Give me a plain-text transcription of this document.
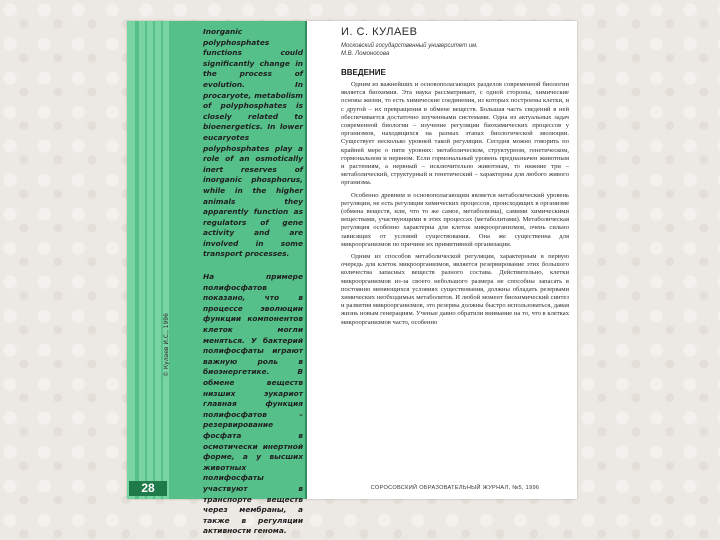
Inorganic polyphosphates functions could significantly change in the process of evolution. In procaryote, metabolism of polyphosphates is closely related to bioenergetics. In lower eucaryotes polyphosphates play a role of an osmotically inert reserves of inorganic phosphorus, while in the higher animals they apparently function as regulators of gene activity and are involved in some transport processes.

На примере полифосфатов показано, что в процессе эволюции функции компонентов клеток могли меняться. У бактерий полифосфаты играют важную роль в биоэнергетике. В обмене веществ низших эукариот главная функция полифосфатов – резервирование фосфата в осмотически инертной форме, а у высших животных полифосфаты участвуют в транспорте веществ через мембраны, а также в регуляции активности генома.

© Кулаев И.С., 1996
28
И. С. КУЛАЕВ
Московский государственный университет им. М.В. Ломоносова
ВВЕДЕНИЕ

Одним из важнейших и основополагающих разделов современной биологии является биохимия. Эта наука рассматривает, с одной стороны, химические основы жизни, то есть химические соединения, из которых построены клетки, и с другой – их превращения в обмене веществ. Большая часть сведений в ней обеспечивается достаточно изученными системами. Одна из актуальных задач современной биологии – изучение регуляции биохимических процессов у организмов, находящихся на разных этапах биологической эволюции. Существует несколько уровней такой регуляции. Сегодня можно говорить по крайней мере о пяти уровнях: метаболическом, структурном, генетическом, гормональном и нервном. Если гормональный уровень предназначен животным и растениям, а нервный – исключительно животным, то нижние три – метаболический, структурный и генетический – характерны для любого живого организма.

Особенно древним и основополагающим является метаболический уровень регуляции, не есть регуляция химических процессов, происходящих в организме (обмена веществ, или, что то же самое, метаболизма), самими химическими веществами, участвующими в этих процессах (метаболитами). Метаболическая регуляция особенно характерна для клеток микроорганизмов, очень сильно зависящих от условий существования. Она же существенна для микроорганизмов по причине их примитивной организации.

Одним из способов метаболической регуляции, характерным в первую очередь для клеток микроорганизмов, является резервирование этих большого количества запасных веществ разного состава. Действительно, клетки микроорганизмов из-за своего небольшого размера не способны запасать в постоянно меняющихся условиях существования, должны обладать резервами химических необходимых метаболитов. И любой момент биохимический синтез и развития микроорганизмов, это резервы должны быстро использоваться, давая жизнь новым генерациям. Ученые давно обратили внимание на то, что в клетках микроорганизмов часто, особенно

СОРОСОВСКИЙ ОБРАЗОВАТЕЛЬНЫЙ ЖУРНАЛ, №5, 1996
